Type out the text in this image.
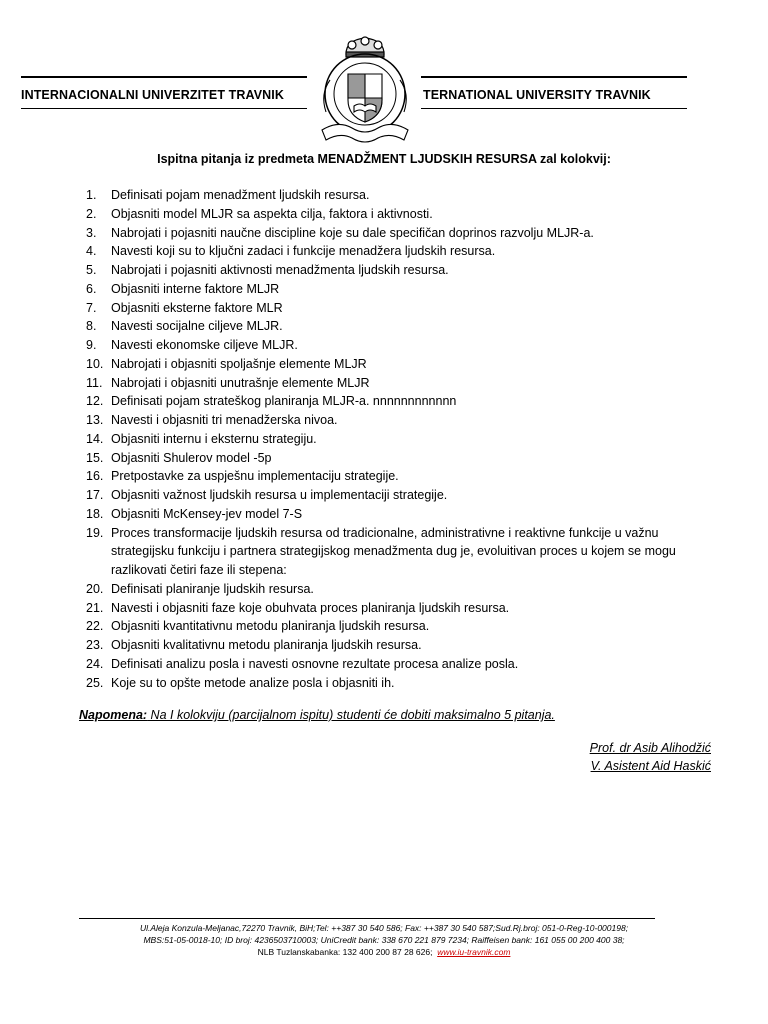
INTERNACIONALNI UNIVERZITET TRAVNIK	TERNATIONAL UNIVERSITY TRAVNIK
Ispitna pitanja iz predmeta MENADŽMENT LJUDSKIH RESURSA zal kolokvij:
1.	Definisati pojam menadžment ljudskih resursa.
2.	Objasniti model MLJR sa aspekta cilja, faktora i aktivnosti.
3.	Nabrojati i pojasniti naučne discipline koje su dale specifičan doprinos razvolju MLJR-a.
4.	Navesti koji su to ključni zadaci i funkcije menadžera ljudskih resursa.
5.	Nabrojati i pojasniti aktivnosti menadžmenta ljudskih resursa.
6.	Objasniti interne faktore MLJR
7.	Objasniti eksterne faktore MLR
8.	Navesti socijalne ciljeve MLJR.
9.	Navesti ekonomske ciljeve MLJR.
10. Nabrojati i objasniti spoljašnje elemente MLJR
11. Nabrojati i objasniti unutrašnje elemente MLJR
12. Definisati pojam strateškog planiranja MLJR-a. nnnnnnnnnnnn
13. Navesti i objasniti tri menadžerska nivoa.
14. Objasniti internu i eksternu strategiju.
15. Objasniti Shulerov model -5p
16. Pretpostavke za uspješnu implementaciju strategije.
17. Objasniti važnost ljudskih resursa u implementaciji strategije.
18. Objasniti McKensey-jev model 7-S
19. Proces transformacije ljudskih resursa od tradicionalne, administrativne i reaktivne funkcije u važnu strategijsku funkciju i partnera strategijskog menadžmenta dug je, evoluitivan proces u kojem se mogu razlikovati četiri faze ili stepena:
20. Definisati planiranje ljudskih resursa.
21. Navesti i objasniti faze koje obuhvata proces planiranja ljudskih resursa.
22. Objasniti kvantitativnu metodu planiranja ljudskih resursa.
23. Objasniti kvalitativnu metodu planiranja ljudskih resursa.
24. Definisati analizu posla i navesti osnovne rezultate procesa analize posla.
25. Koje su to opšte metode analize posla i objasniti ih.
Napomena: Na I kolokviju (parcijalnom ispitu) studenti će dobiti maksimalno 5 pitanja.
Prof. dr Asib Alihodžić
V. Asistent Aid Haskić
Ul.Aleja Konzula-Meljanac,72270 Travnik, BiH;Tel: ++387 30 540 586; Fax: ++387 30 540 587;Sud.Rj.broj: 051-0-Reg-10-000198;
MBS:51-05-0018-10; ID broj: 4236503710003; UniCredit bank: 338 670 221 879 7234; Raiffeisen bank: 161 055 00 200 400 38;
NLB Tuzlanskabanka: 132 400 200 87 28 626; www.iu-travnik.com
